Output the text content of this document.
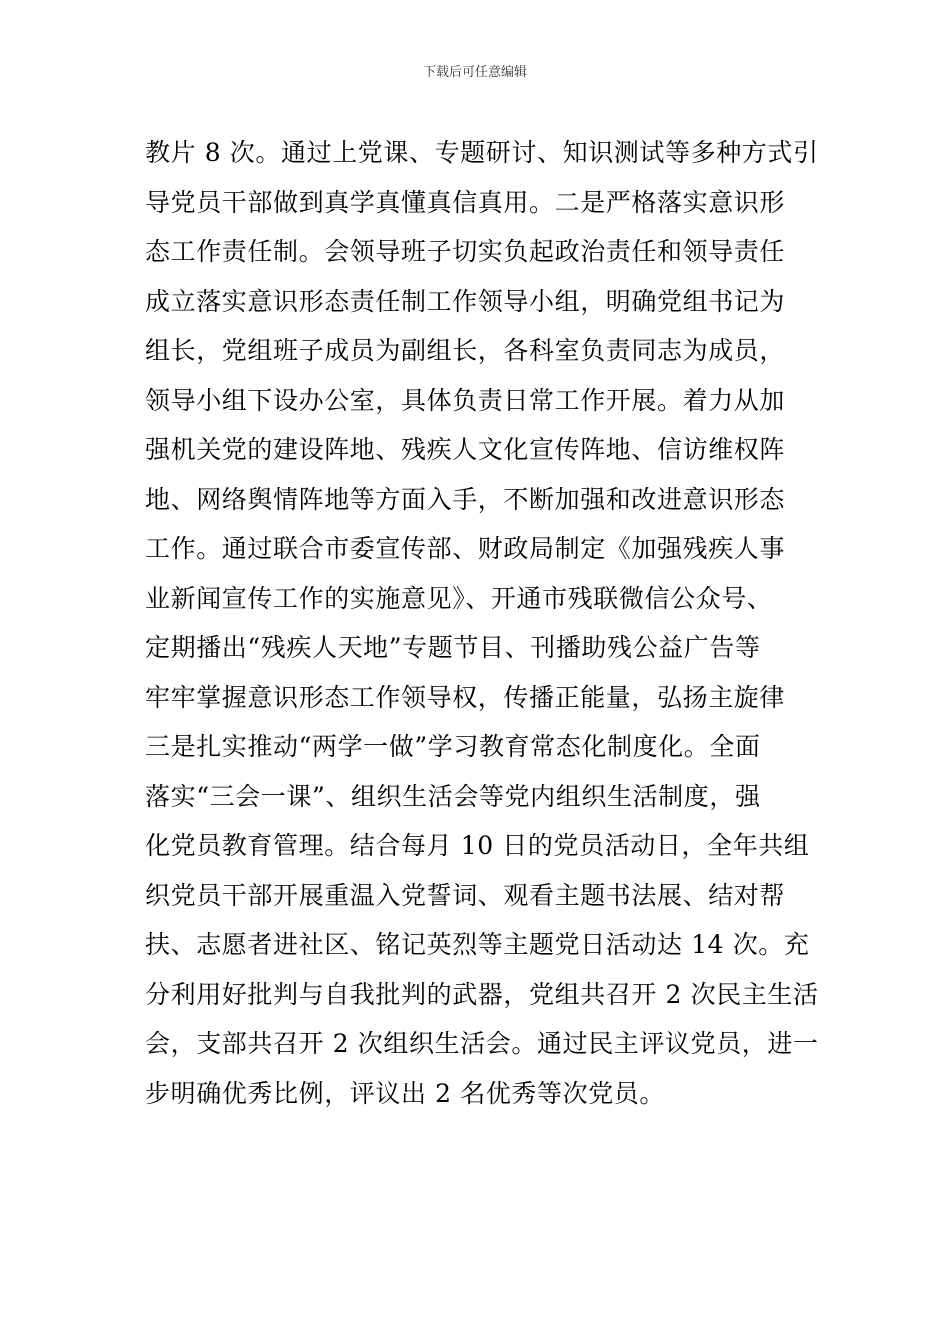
下载后可任意编辑
教片 8 次。通过上党课、专题研讨、知识测试等多种方式引
导党员干部做到真学真懂真信真用。二是严格落实意识形
态工作责任制。会领导班子切实负起政治责任和领导责任
成立落实意识形态责任制工作领导小组，明确党组书记为
组长，党组班子成员为副组长，各科室负责同志为成员，
领导小组下设办公室，具体负责日常工作开展。着力从加
强机关党的建设阵地、残疾人文化宣传阵地、信访维权阵
地、网络舆情阵地等方面入手，不断加强和改进意识形态
工作。通过联合市委宣传部、财政局制定《加强残疾人事
业新闻宣传工作的实施意见》、开通市残联微信公众号、
定期播出“残疾人天地”专题节目、刊播助残公益广告等
牢牢掌握意识形态工作领导权，传播正能量，弘扬主旋律
三是扎实推动“两学一做”学习教育常态化制度化。全面
落实“三会一课”、组织生活会等党内组织生活制度，强
化党员教育管理。结合每月 10 日的党员活动日，全年共组
织党员干部开展重温入党誓词、观看主题书法展、结对帮
扶、志愿者进社区、铭记英烈等主题党日活动达 14 次。充
分利用好批判与自我批判的武器，党组共召开 2 次民主生活
会，支部共召开 2 次组织生活会。通过民主评议党员，进一
步明确优秀比例，评议出 2 名优秀等次党员。
